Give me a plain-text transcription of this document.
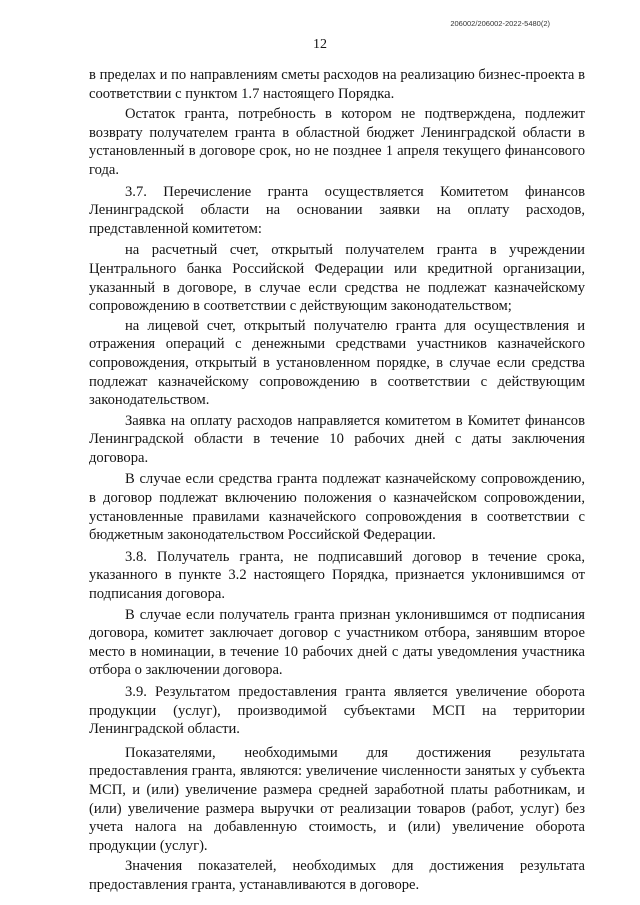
206002/206002-2022-5480(2)
12

в пределах и по направлениям сметы расходов на реализацию бизнес-проекта в соответствии с пунктом 1.7 настоящего Порядка.

Остаток гранта, потребность в котором не подтверждена, подлежит возврату получателем гранта в областной бюджет Ленинградской области в установленный в договоре срок, но не позднее 1 апреля текущего финансового года.

3.7. Перечисление гранта осуществляется Комитетом финансов Ленинградской области на основании заявки на оплату расходов, представленной комитетом:

на расчетный счет, открытый получателем гранта в учреждении Центрального банка Российской Федерации или кредитной организации, указанный в договоре, в случае если средства не подлежат казначейскому сопровождению в соответствии с действующим законодательством;

на лицевой счет, открытый получателю гранта для осуществления и отражения операций с денежными средствами участников казначейского сопровождения, открытый в установленном порядке, в случае если средства подлежат казначейскому сопровождению в соответствии с действующим законодательством.

Заявка на оплату расходов направляется комитетом в Комитет финансов Ленинградской области в течение 10 рабочих дней с даты заключения договора.

В случае если средства гранта подлежат казначейскому сопровождению, в договор подлежат включению положения о казначейском сопровождении, установленные правилами казначейского сопровождения в соответствии с бюджетным законодательством Российской Федерации.

3.8. Получатель гранта, не подписавший договор в течение срока, указанного в пункте 3.2 настоящего Порядка, признается уклонившимся от подписания договора.

В случае если получатель гранта признан уклонившимся от подписания договора, комитет заключает договор с участником отбора, занявшим второе место в номинации, в течение 10 рабочих дней с даты уведомления участника отбора о заключении договора.

3.9. Результатом предоставления гранта является увеличение оборота продукции (услуг), производимой субъектами МСП на территории Ленинградской области.

Показателями, необходимыми для достижения результата предоставления гранта, являются: увеличение численности занятых у субъекта МСП, и (или) увеличение размера средней заработной платы работникам, и (или) увеличение размера выручки от реализации товаров (работ, услуг) без учета налога на добавленную стоимость, и (или) увеличение оборота продукции (услуг).

Значения показателей, необходимых для достижения результата предоставления гранта, устанавливаются в договоре.
